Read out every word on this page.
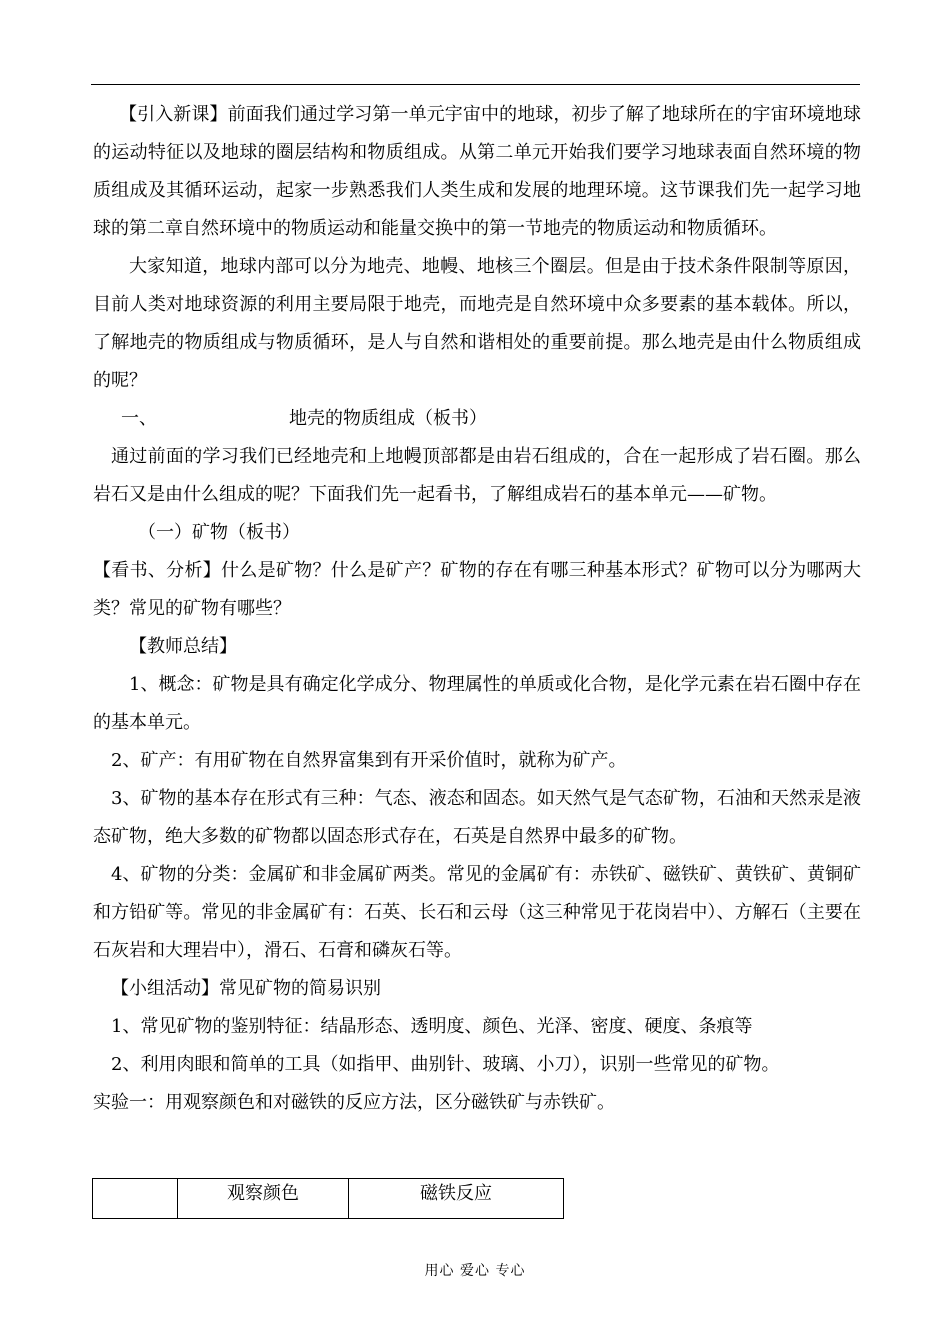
【引入新课】前面我们通过学习第一单元宇宙中的地球，初步了解了地球所在的宇宙环境地球的运动特征以及地球的圈层结构和物质组成。从第二单元开始我们要学习地球表面自然环境的物质组成及其循环运动，起家一步熟悉我们人类生成和发展的地理环境。这节课我们先一起学习地球的第二章自然环境中的物质运动和能量交换中的第一节地壳的物质运动和物质循环。

大家知道，地球内部可以分为地壳、地幔、地核三个圈层。但是由于技术条件限制等原因，目前人类对地球资源的利用主要局限于地壳，而地壳是自然环境中众多要素的基本载体。所以，了解地壳的物质组成与物质循环，是人与自然和谐相处的重要前提。那么地壳是由什么物质组成的呢？

一、	地壳的物质组成（板书）

通过前面的学习我们已经地壳和上地幔顶部都是由岩石组成的，合在一起形成了岩石圈。那么岩石又是由什么组成的呢？下面我们先一起看书，了解组成岩石的基本单元——矿物。

（一）矿物（板书）

【看书、分析】什么是矿物？什么是矿产？矿物的存在有哪三种基本形式？矿物可以分为哪两大类？常见的矿物有哪些？

【教师总结】

1、概念：矿物是具有确定化学成分、物理属性的单质或化合物，是化学元素在岩石圈中存在的基本单元。

2、矿产：有用矿物在自然界富集到有开采价值时，就称为矿产。

3、矿物的基本存在形式有三种：气态、液态和固态。如天然气是气态矿物，石油和天然汞是液态矿物，绝大多数的矿物都以固态形式存在，石英是自然界中最多的矿物。

4、矿物的分类：金属矿和非金属矿两类。常见的金属矿有：赤铁矿、磁铁矿、黄铁矿、黄铜矿和方铅矿等。常见的非金属矿有：石英、长石和云母（这三种常见于花岗岩中）、方解石（主要在石灰岩和大理岩中），滑石、石膏和磷灰石等。

【小组活动】常见矿物的简易识别

1、常见矿物的鉴别特征：结晶形态、透明度、颜色、光泽、密度、硬度、条痕等

2、利用肉眼和简单的工具（如指甲、曲别针、玻璃、小刀），识别一些常见的矿物。

实验一：用观察颜色和对磁铁的反应方法，区分磁铁矿与赤铁矿。

	观察颜色	磁铁反应
用心 爱心 专心
